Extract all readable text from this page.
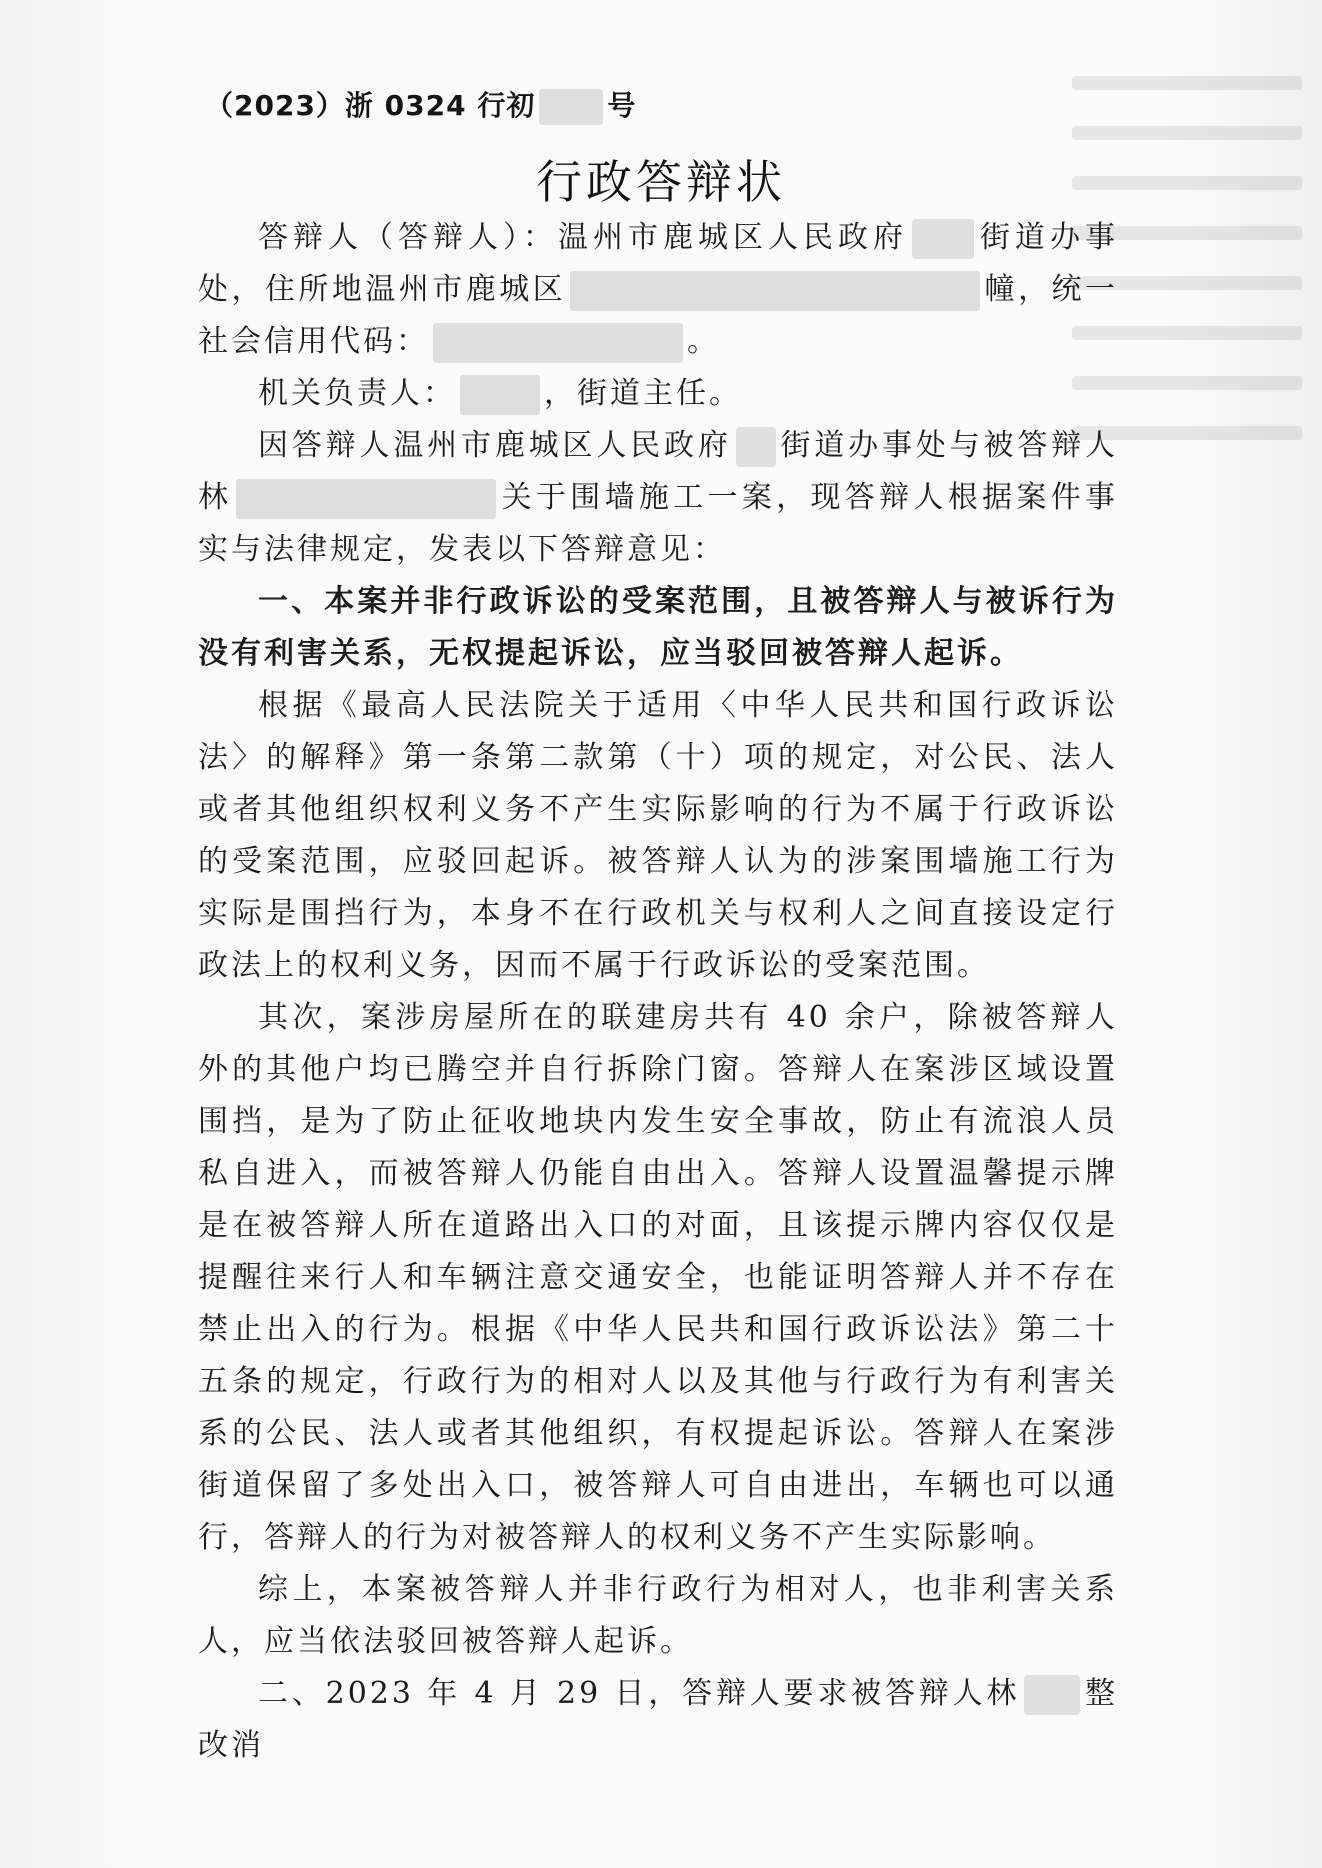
（2023）浙 0324 行初	号
行政答辩状

答辩人（答辩人）：温州市鹿城区人民政府 街道办事处，住所地温州市鹿城区	幢，统一社会信用代码：	。

机关负责人：	，街道主任。

因答辩人温州市鹿城区人民政府 街道办事处与被答辩人林	关于围墙施工一案，现答辩人根据案件事实与法律规定，发表以下答辩意见：

一、本案并非行政诉讼的受案范围，且被答辩人与被诉行为没有利害关系，无权提起诉讼，应当驳回被答辩人起诉。

根据《最高人民法院关于适用〈中华人民共和国行政诉讼法〉的解释》第一条第二款第（十）项的规定，对公民、法人或者其他组织权利义务不产生实际影响的行为不属于行政诉讼的受案范围，应驳回起诉。被答辩人认为的涉案围墙施工行为实际是围挡行为，本身不在行政机关与权利人之间直接设定行政法上的权利义务，因而不属于行政诉讼的受案范围。

其次，案涉房屋所在的联建房共有 40 余户，除被答辩人外的其他户均已腾空并自行拆除门窗。答辩人在案涉区域设置围挡，是为了防止征收地块内发生安全事故，防止有流浪人员私自进入，而被答辩人仍能自由出入。答辩人设置温馨提示牌是在被答辩人所在道路出入口的对面，且该提示牌内容仅仅是提醒往来行人和车辆注意交通安全，也能证明答辩人并不存在禁止出入的行为。根据《中华人民共和国行政诉讼法》第二十五条的规定，行政行为的相对人以及其他与行政行为有利害关系的公民、法人或者其他组织，有权提起诉讼。答辩人在案涉街道保留了多处出入口，被答辩人可自由进出，车辆也可以通行，答辩人的行为对被答辩人的权利义务不产生实际影响。

综上，本案被答辩人并非行政行为相对人，也非利害关系人，应当依法驳回被答辩人起诉。

二、2023 年 4 月 29 日，答辩人要求被答辩人林 整改消
